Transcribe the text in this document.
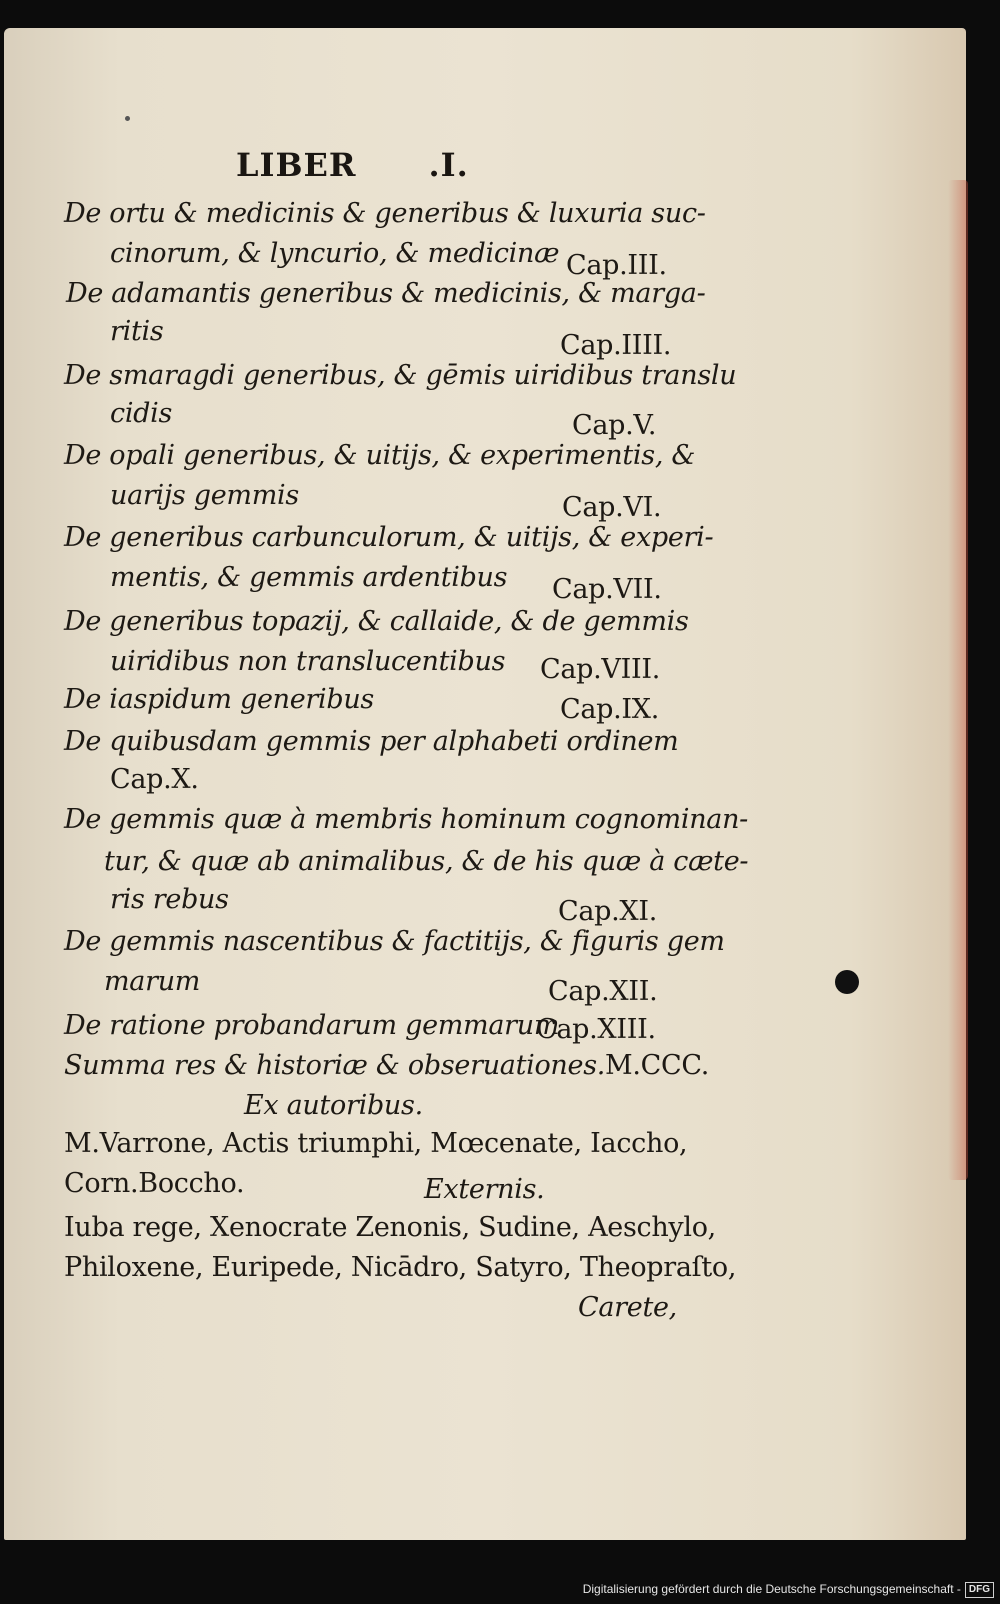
LIBER .I.
De ortu & medicinis & generibus & luxuria suc-
cinorum, & lyncurio, & medicinæ Cap.III.
De adamantis generibus & medicinis, & marga-
ritis	Cap.IIII.
De smaragdi generibus, & gēmis uiridibus translu
cidis	Cap.V.
De opali generibus, & uitijs, & experimentis, &
uarijs gemmis	Cap.VI.
De generibus carbunculorum, & uitijs, & experi-
mentis, & gemmis ardentibus Cap.VII.
De generibus topazij, & callaide, & de gemmis
uiridibus non translucentibus Cap.VIII.
De iaspidum generibus	Cap.IX.
De quibusdam gemmis per alphabeti ordinem
Cap.X.
De gemmis quæ à membris hominum cognominan-
tur, & quæ ab animalibus, & de his quæ à cæte-
ris rebus	Cap.XI.
De gemmis nascentibus & factitijs, & figuris gem
marum	Cap.XII.
De ratione probandarum gemmarum
Cap.XIII.
Summa res & historiæ & obseruationes.M.CCC.
Ex autoribus.
M.Varrone, Actis triumphi, Mœcenate, Iaccho,
Corn.Boccho.	Externis.
Iuba rege, Xenocrate Zenonis, Sudine, Aeschylo,
Philoxene, Euripede, Nicādro, Satyro, Theopraſto,
Carete,
Digitalisierung gefördert durch die Deutsche Forschungsgemeinschaft - DFG
